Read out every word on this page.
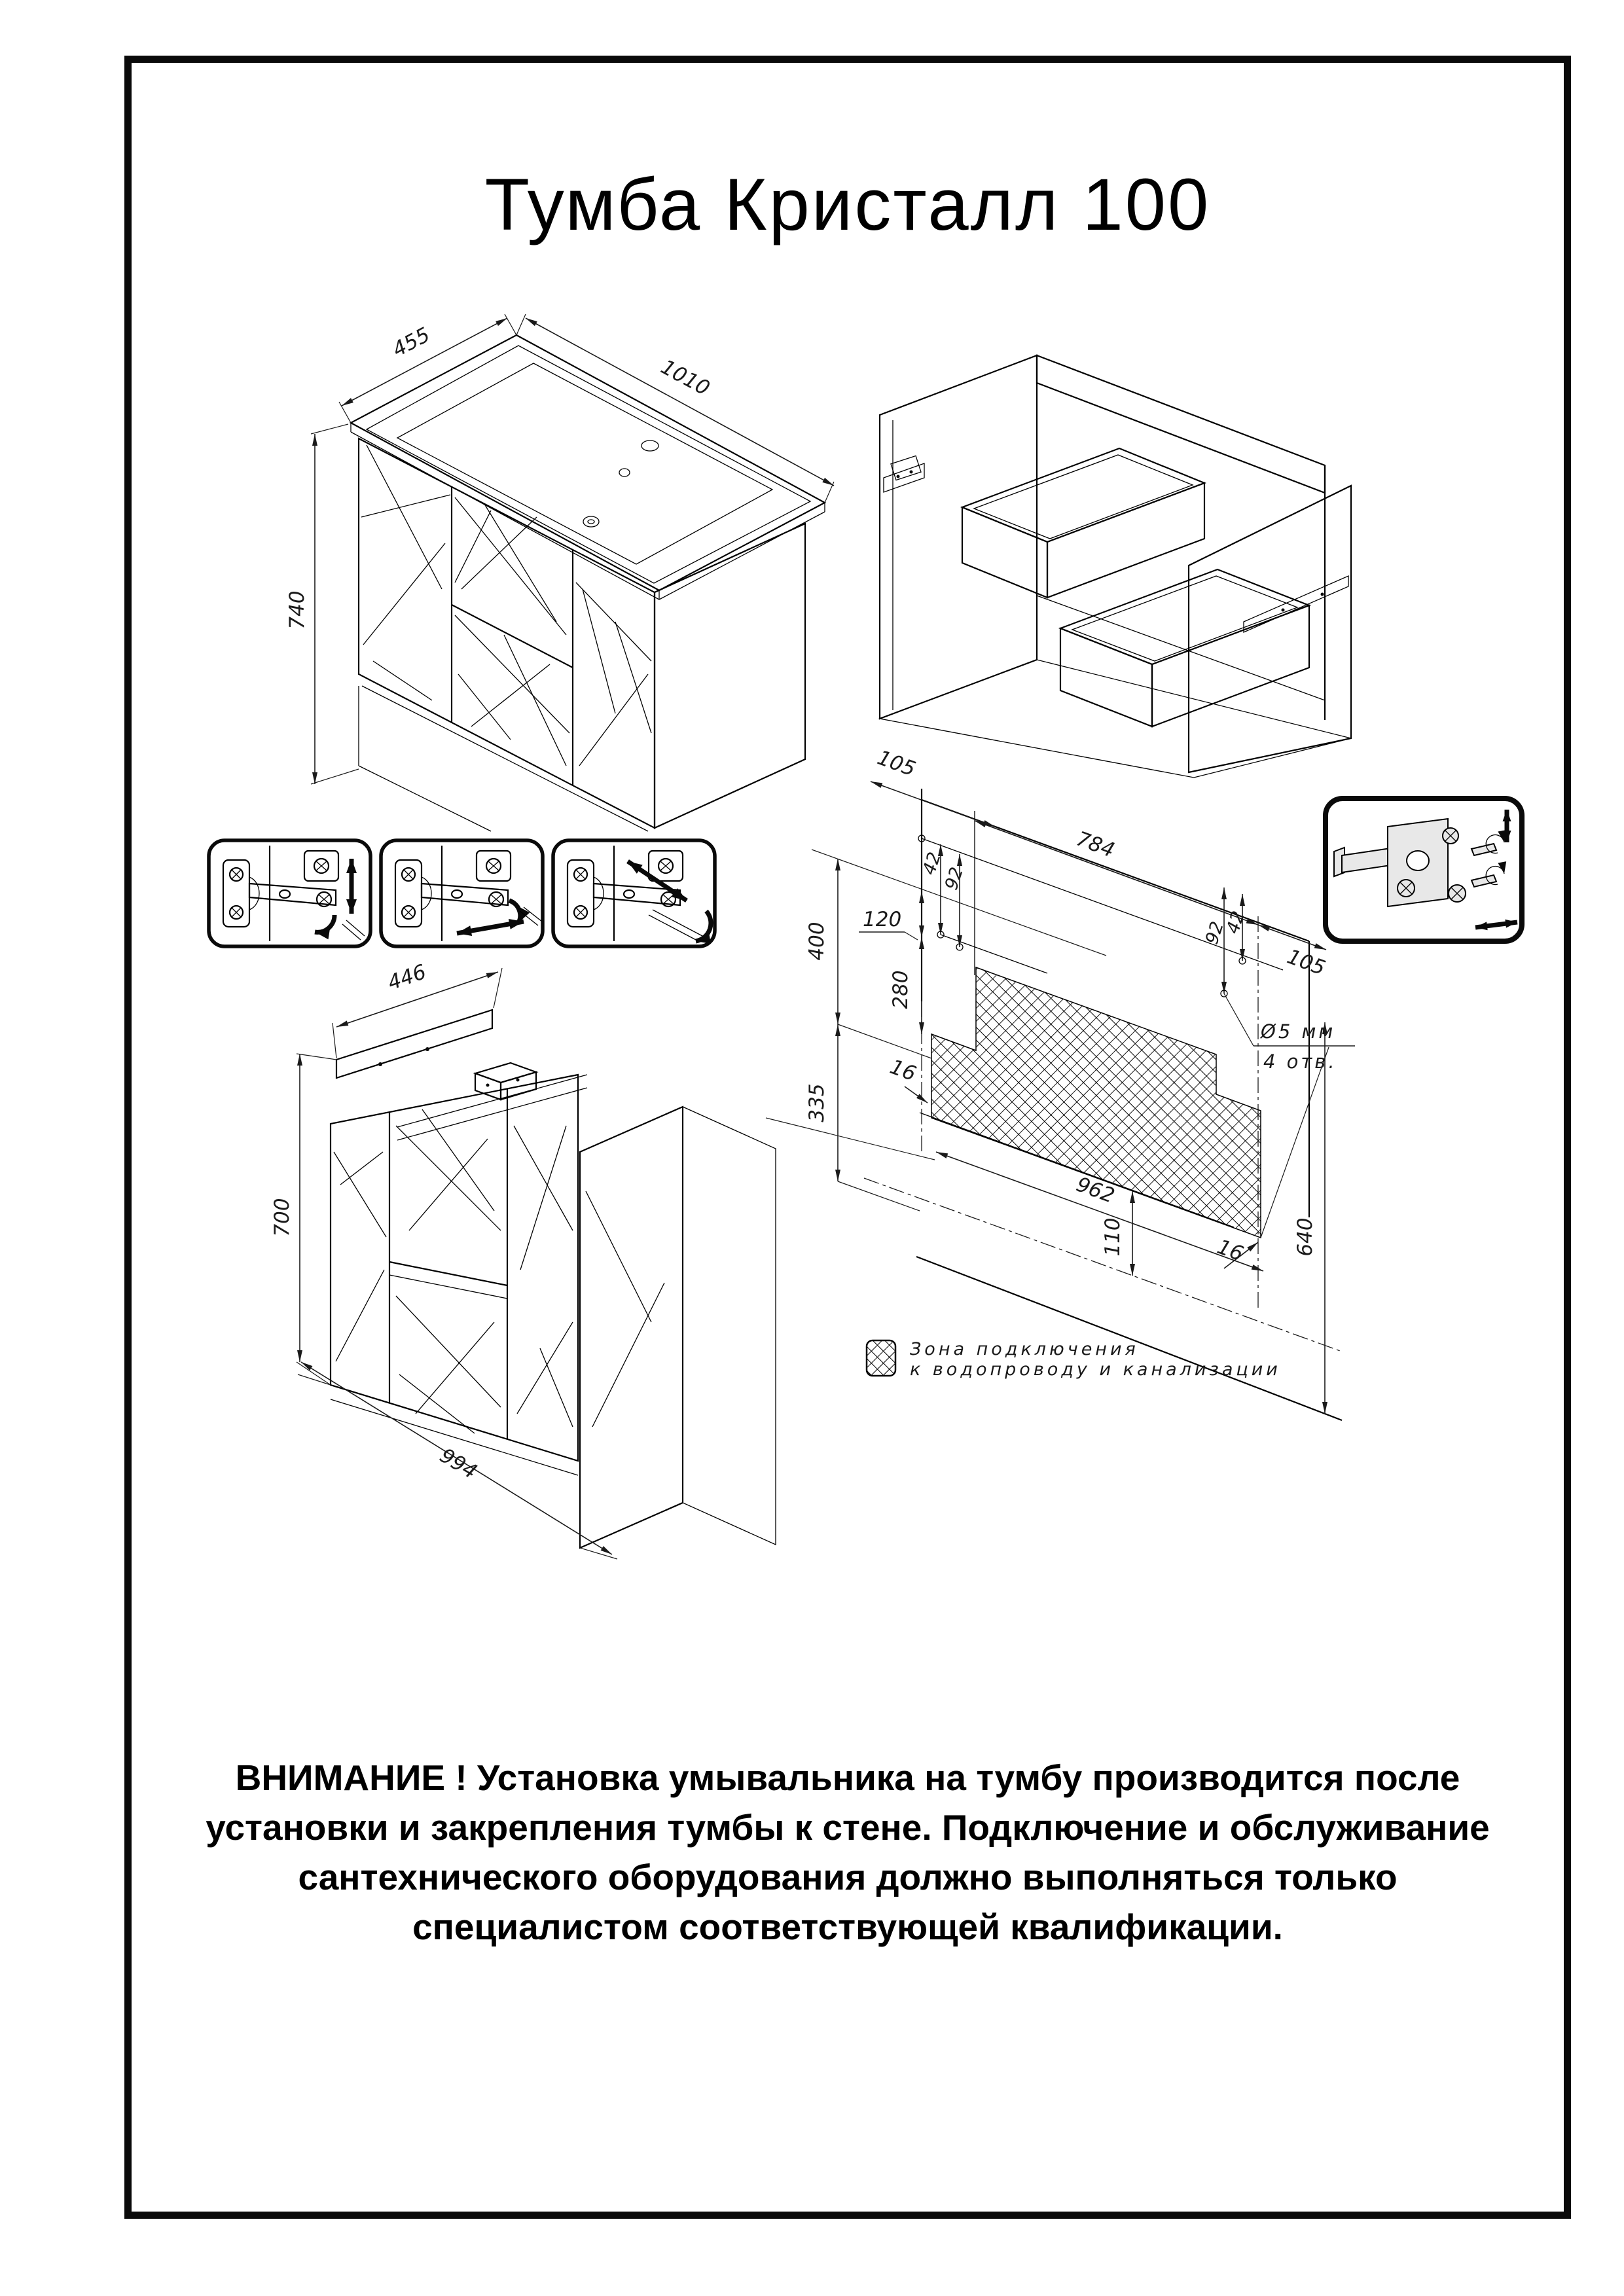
Тумба Кристалл 100
455
1010
740
446
700
994
105
42
92
784
105
92
42
400
335
120
280
962
16
16
110	640
Ø5 мм
4 отв.
Зона подключения
к водопроводу и канализации
ВНИМАНИЕ ! Установка умывальника на тумбу производится после
установки и закрепления тумбы к стене. Подключение и обслуживание
сантехнического оборудования должно выполняться только
специалистом соответствующей квалификации.
